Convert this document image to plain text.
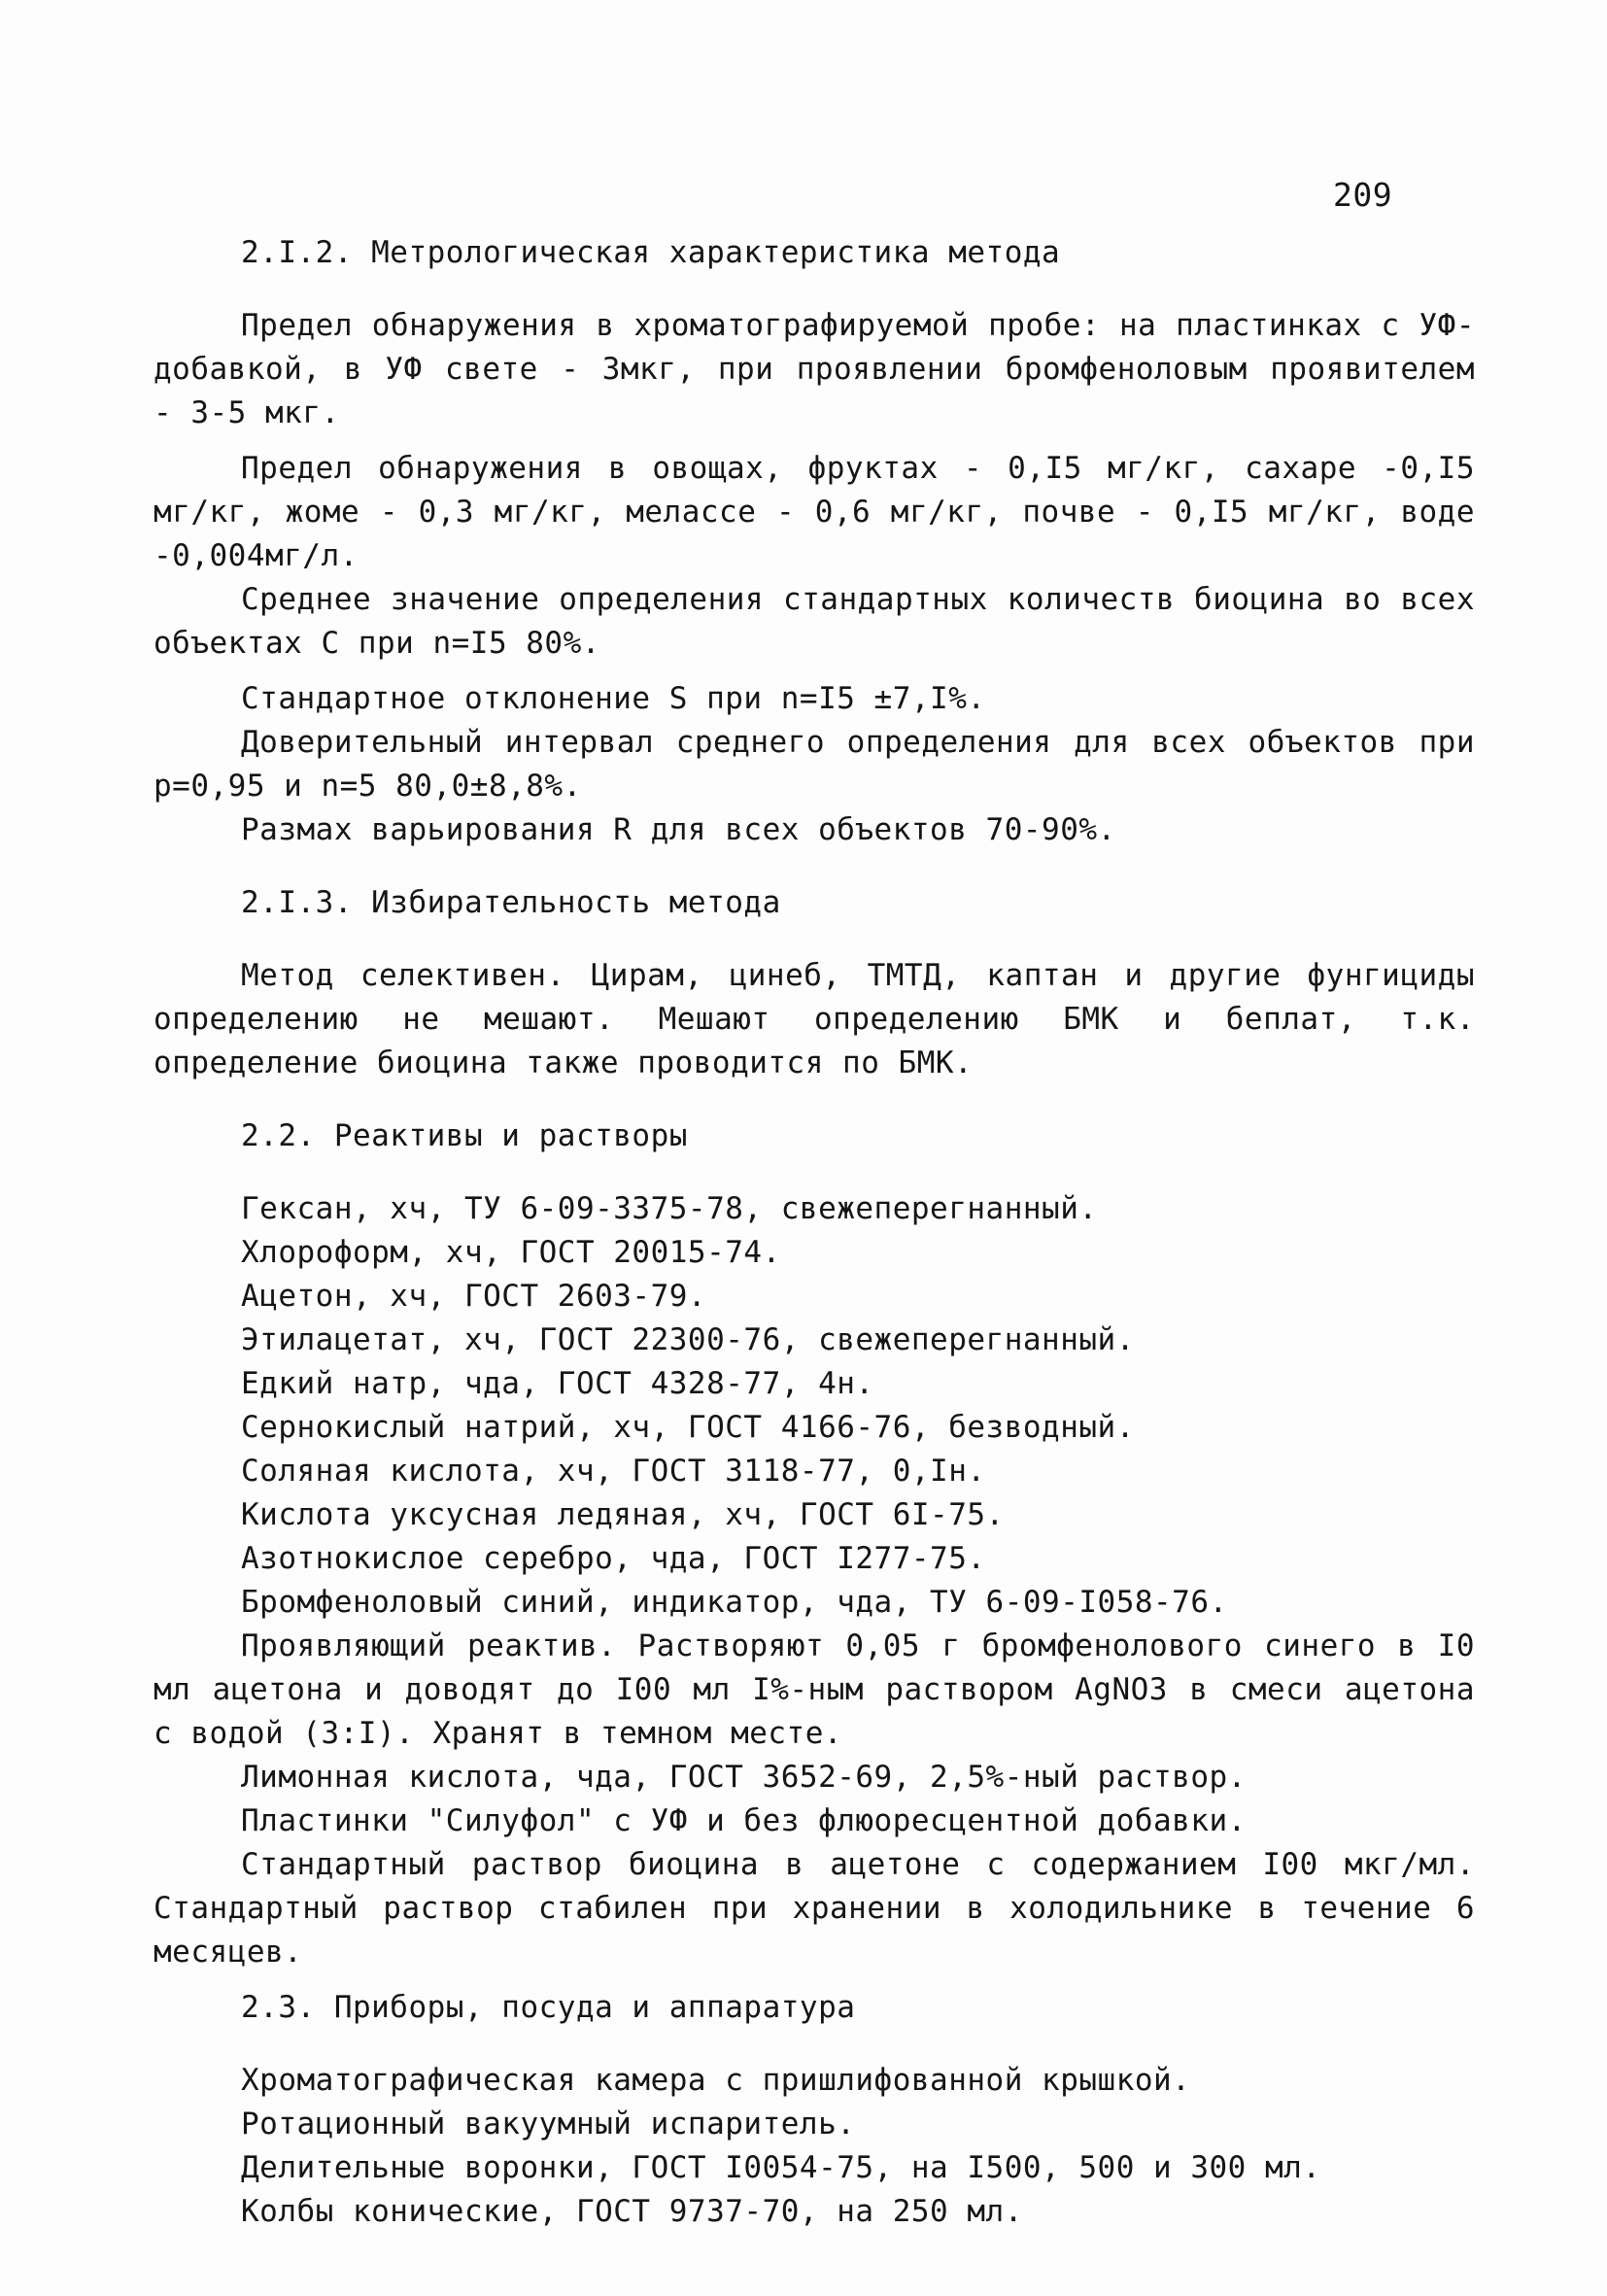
209

2.I.2. Метрологическая характеристика метода

Предел обнаружения в хроматографируемой пробе: на пластинках с УФ-добавкой, в УФ свете - 3мкг, при проявлении бромфеноловым проявителем - 3-5 мкг.

Предел обнаружения в овощах, фруктах - 0,I5 мг/кг, сахаре -0,I5 мг/кг, жоме - 0,3 мг/кг, мелассе - 0,6 мг/кг, почве - 0,I5 мг/кг, воде -0,004мг/л.

Среднее значение определения стандартных количеств биоцина во всех объектах С при n=I5 80%.

Стандартное отклонение S при n=I5 ±7,I%.

Доверительный интервал среднего определения для всех объектов при p=0,95 и n=5 80,0±8,8%.

Размах варьирования R для всех объектов 70-90%.

2.I.3. Избирательность метода

Метод селективен. Цирам, цинеб, ТМТД, каптан и другие фунгициды определению не мешают. Мешают определению БМК и беплат, т.к. определение биоцина также проводится по БМК.

2.2. Реактивы и растворы

Гексан, хч, ТУ 6-09-3375-78, свежеперегнанный.

Хлороформ, хч, ГОСТ 20015-74.

Ацетон, хч, ГОСТ 2603-79.

Этилацетат, хч, ГОСТ 22300-76, свежеперегнанный.

Едкий натр, чда, ГОСТ 4328-77, 4н.

Сернокислый натрий, хч, ГОСТ 4166-76, безводный.

Соляная кислота, хч, ГОСТ 3118-77, 0,Iн.

Кислота уксусная ледяная, хч, ГОСТ 6I-75.

Азотнокислое серебро, чда, ГОСТ I277-75.

Бромфеноловый синий, индикатор, чда, ТУ 6-09-I058-76.

Проявляющий реактив. Растворяют 0,05 г бромфенолового синего в I0 мл ацетона и доводят до I00 мл I%-ным раствором AgNO3 в смеси ацетона с водой (3:I). Хранят в темном месте.

Лимонная кислота, чда, ГОСТ 3652-69, 2,5%-ный раствор.

Пластинки "Силуфол" с УФ и без флюоресцентной добавки.

Стандартный раствор биоцина в ацетоне с содержанием I00 мкг/мл. Стандартный раствор стабилен при хранении в холодильнике в течение 6 месяцев.

2.3. Приборы, посуда и аппаратура

Хроматографическая камера с пришлифованной крышкой.

Ротационный вакуумный испаритель.

Делительные воронки, ГОСТ I0054-75, на I500, 500 и 300 мл.

Колбы конические, ГОСТ 9737-70, на 250 мл.
